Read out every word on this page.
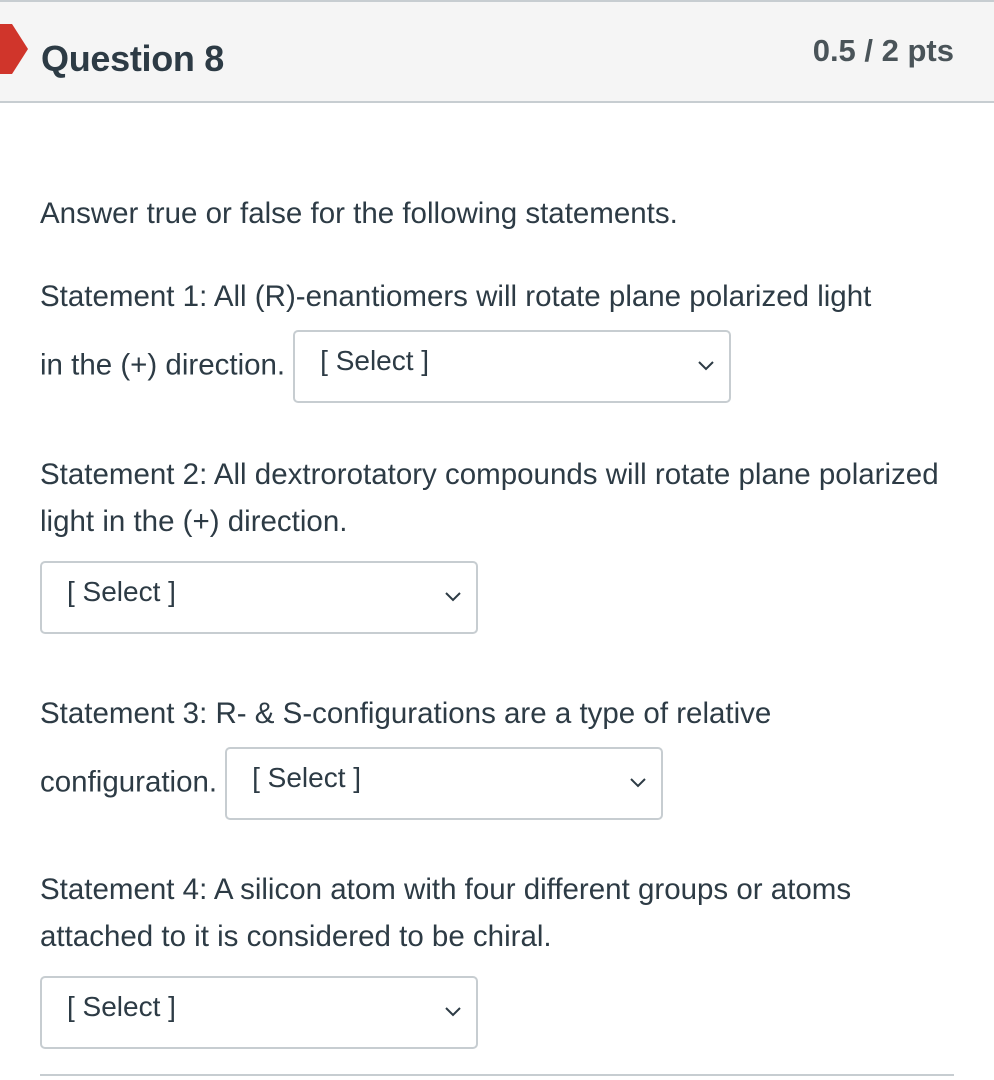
Question 8	0.5 / 2 pts

Answer true or false for the following statements.

Statement 1: All (R)-enantiomers will rotate plane polarized light
in the (+) direction. [ Select ]
Statement 2: All dextrorotatory compounds will rotate plane polarized light in the (+) direction.
[ Select ]
Statement 3: R- & S-configurations are a type of relative
configuration. [ Select ]
Statement 4: A silicon atom with four different groups or atoms attached to it is considered to be chiral.
[ Select ]
